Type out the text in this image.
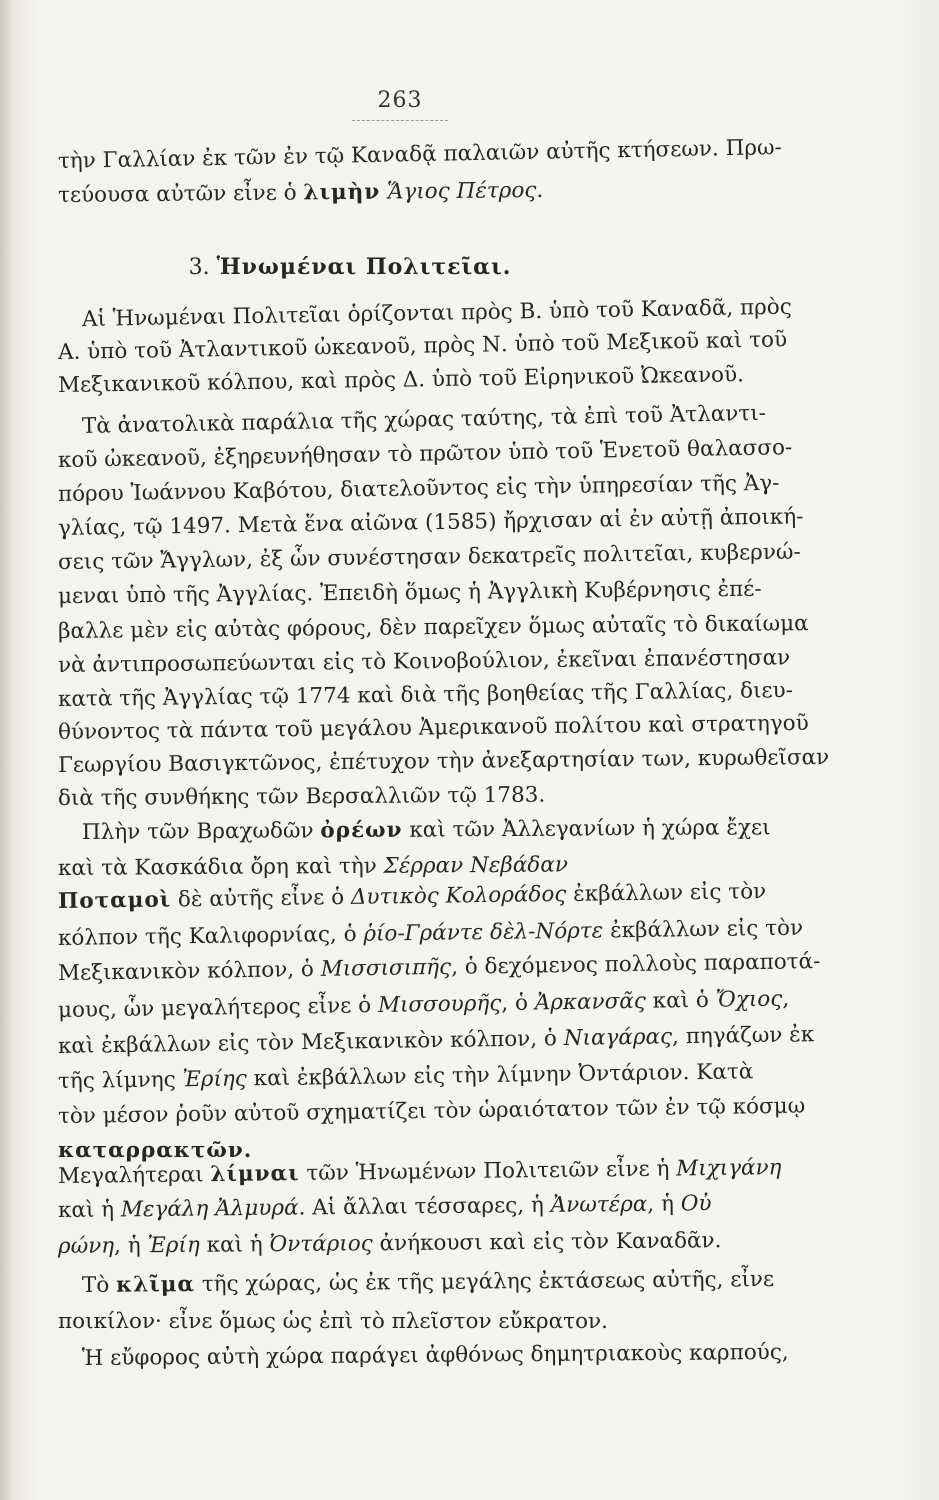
263
3. Ἡνωμέναι Πολιτεῖαι.
τὴν Γαλλίαν ἐκ τῶν ἐν τῷ Καναδᾷ παλαιῶν αὐτῆς κτήσεων. Πρω-
τεύουσα αὐτῶν εἶνε ὁ λιμὴν Ἅγιος Πέτρος.
Αἱ Ἡνωμέναι Πολιτεῖαι ὁρίζονται πρὸς Β. ὑπὸ τοῦ Καναδᾶ, πρὸς
Α. ὑπὸ τοῦ Ἀτλαντικοῦ ὠκεανοῦ, πρὸς Ν. ὑπὸ τοῦ Μεξικοῦ καὶ τοῦ
Μεξικανικοῦ κόλπου, καὶ πρὸς Δ. ὑπὸ τοῦ Εἰρηνικοῦ Ὠκεανοῦ.
Τὰ ἀνατολικὰ παράλια τῆς χώρας ταύτης, τὰ ἐπὶ τοῦ Ἀτλαντι-
κοῦ ὠκεανοῦ, ἐξηρευνήθησαν τὸ πρῶτον ὑπὸ τοῦ Ἑνετοῦ θαλασσο-
πόρου Ἰωάννου Καβότου, διατελοῦντος εἰς τὴν ὑπηρεσίαν τῆς Ἀγ-
γλίας, τῷ 1497. Μετὰ ἕνα αἰῶνα (1585) ἤρχισαν αἱ ἐν αὐτῇ ἀποική-
σεις τῶν Ἄγγλων, ἐξ ὧν συνέστησαν δεκατρεῖς πολιτεῖαι, κυβερνώ-
μεναι ὑπὸ τῆς Ἀγγλίας. Ἐπειδὴ ὅμως ἡ Ἀγγλικὴ Κυβέρνησις ἐπέ-
βαλλε μὲν εἰς αὐτὰς φόρους, δὲν παρεῖχεν ὅμως αὐταῖς τὸ δικαίωμα
νὰ ἀντιπροσωπεύωνται εἰς τὸ Κοινοβούλιον, ἐκεῖναι ἐπανέστησαν
κατὰ τῆς Ἀγγλίας τῷ 1774 καὶ διὰ τῆς βοηθείας τῆς Γαλλίας, διευ-
θύνοντος τὰ πάντα τοῦ μεγάλου Ἀμερικανοῦ πολίτου καὶ στρατηγοῦ
Γεωργίου Βασιγκτῶνος, ἐπέτυχον τὴν ἀνεξαρτησίαν των, κυρωθεῖσαν
διὰ τῆς συνθήκης τῶν Βερσαλλιῶν τῷ 1783.
Πλὴν τῶν Βραχωδῶν ὀρέων καὶ τῶν Ἀλλεγανίων ἡ χώρα ἔχει
καὶ τὰ Κασκάδια ὄρη καὶ τὴν Σέρραν Νεβάδαν
Ποταμοὶ δὲ αὐτῆς εἶνε ὁ Δυτικὸς Κολοράδος ἐκβάλλων εἰς τὸν
κόλπον τῆς Καλιφορνίας, ὁ ῥίο-Γράντε δὲλ-Νόρτε ἐκβάλλων εἰς τὸν
Μεξικανικὸν κόλπον, ὁ Μισσισιπῆς, ὁ δεχόμενος πολλοὺς παραποτά-
μους, ὧν μεγαλήτερος εἶνε ὁ Μισσουρῆς, ὁ Ἀρκανσᾶς καὶ ὁ Ὄχιος,
καὶ ἐκβάλλων εἰς τὸν Μεξικανικὸν κόλπον, ὁ Νιαγάρας, πηγάζων ἐκ
τῆς λίμνης Ἐρίης καὶ ἐκβάλλων εἰς τὴν λίμνην Ὀντάριον. Κατὰ
τὸν μέσον ῥοῦν αὐτοῦ σχηματίζει τὸν ὡραιότατον τῶν ἐν τῷ κόσμῳ
καταρρακτῶν.
Μεγαλήτεραι λίμναι τῶν Ἡνωμένων Πολιτειῶν εἶνε ἡ Μιχιγάνη
καὶ ἡ Μεγάλη Ἀλμυρά. Αἱ ἄλλαι τέσσαρες, ἡ Ἀνωτέρα, ἡ Οὐ
ρώνη, ἡ Ἐρίη καὶ ἡ Ὀντάριος ἀνήκουσι καὶ εἰς τὸν Καναδᾶν.
Τὸ κλῖμα τῆς χώρας, ὡς ἐκ τῆς μεγάλης ἐκτάσεως αὐτῆς, εἶνε
ποικίλον· εἶνε ὅμως ὡς ἐπὶ τὸ πλεῖστον εὔκρατον.
Ἡ εὔφορος αὐτὴ χώρα παράγει ἀφθόνως δημητριακοὺς καρπούς,
